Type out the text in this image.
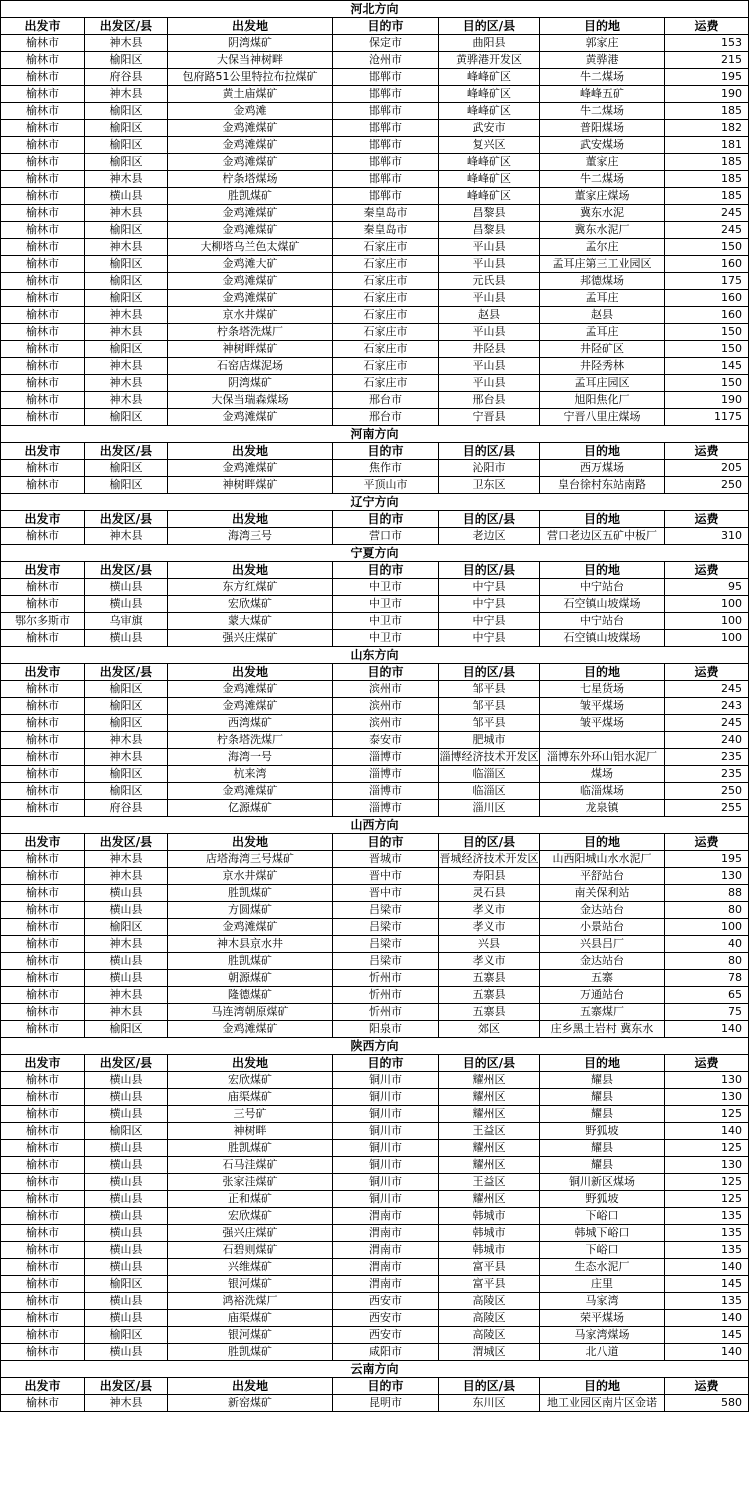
河北方向						
出发市	出发区/县	出发地	目的市	目的区/县	目的地	运费
榆林市	神木县	阴湾煤矿	保定市	曲阳县	郭家庄	153
榆林市	榆阳区	大保当神树畔	沧州市	黄骅港开发区	黄骅港	215
榆林市	府谷县	包府路51公里特拉布拉煤矿	邯郸市	峰峰矿区	牛二煤场	195
榆林市	神木县	黄土庙煤矿	邯郸市	峰峰矿区	峰峰五矿	190
榆林市	榆阳区	金鸡滩	邯郸市	峰峰矿区	牛二煤场	185
榆林市	榆阳区	金鸡滩煤矿	邯郸市	武安市	普阳煤场	182
榆林市	榆阳区	金鸡滩煤矿	邯郸市	复兴区	武安煤场	181
榆林市	榆阳区	金鸡滩煤矿	邯郸市	峰峰矿区	董家庄	185
榆林市	神木县	柠条塔煤场	邯郸市	峰峰矿区	牛二煤场	185
榆林市	横山县	胜凯煤矿	邯郸市	峰峰矿区	董家庄煤场	185
榆林市	神木县	金鸡滩煤矿	秦皇岛市	昌黎县	冀东水泥	245
榆林市	榆阳区	金鸡滩煤矿	秦皇岛市	昌黎县	冀东水泥厂	245
榆林市	神木县	大柳塔乌兰色太煤矿	石家庄市	平山县	孟尔庄	150
榆林市	榆阳区	金鸡滩大矿	石家庄市	平山县	孟耳庄第三工业园区	160
榆林市	榆阳区	金鸡滩煤矿	石家庄市	元氏县	邦德煤场	175
榆林市	榆阳区	金鸡滩煤矿	石家庄市	平山县	孟耳庄	160
榆林市	神木县	京水井煤矿	石家庄市	赵县	赵县	160
榆林市	神木县	柠条塔洗煤厂	石家庄市	平山县	孟耳庄	150
榆林市	榆阳区	神树畔煤矿	石家庄市	井陉县	井陉矿区	150
榆林市	神木县	石窑店煤泥场	石家庄市	平山县	井陉秀林	145
榆林市	神木县	阴湾煤矿	石家庄市	平山县	孟耳庄园区	150
榆林市	神木县	大保当瑞森煤场	邢台市	邢台县	旭阳焦化厂	190
榆林市	榆阳区	金鸡滩煤矿	邢台市	宁晋县	宁晋八里庄煤场	1175
河南方向						
出发市	出发区/县	出发地	目的市	目的区/县	目的地	运费
榆林市	榆阳区	金鸡滩煤矿	焦作市	沁阳市	西万煤场	205
榆林市	榆阳区	神树畔煤矿	平顶山市	卫东区	皇台徐村东站南路	250
辽宁方向						
出发市	出发区/县	出发地	目的市	目的区/县	目的地	运费
榆林市	神木县	海湾三号	营口市	老边区	营口老边区五矿中板厂	310
宁夏方向						
出发市	出发区/县	出发地	目的市	目的区/县	目的地	运费
榆林市	横山县	东方红煤矿	中卫市	中宁县	中宁站台	95
榆林市	横山县	宏欣煤矿	中卫市	中宁县	石空镇山坡煤场	100
鄂尔多斯市	乌审旗	蒙大煤矿	中卫市	中宁县	中宁站台	100
榆林市	横山县	强兴庄煤矿	中卫市	中宁县	石空镇山坡煤场	100
山东方向						
出发市	出发区/县	出发地	目的市	目的区/县	目的地	运费
榆林市	榆阳区	金鸡滩煤矿	滨州市	邹平县	七星货场	245
榆林市	榆阳区	金鸡滩煤矿	滨州市	邹平县	皱平煤场	243
榆林市	榆阳区	西湾煤矿	滨州市	邹平县	皱平煤场	245
榆林市	神木县	柠条塔洗煤厂	泰安市	肥城市		240
榆林市	神木县	海湾一号	淄博市	淄博经济技术开发区	淄博东外环山铝水泥厂	235
榆林市	榆阳区	杭来湾	淄博市	临淄区	煤场	235
榆林市	榆阳区	金鸡滩煤矿	淄博市	临淄区	临淄煤场	250
榆林市	府谷县	亿源煤矿	淄博市	淄川区	龙泉镇	255
山西方向						
出发市	出发区/县	出发地	目的市	目的区/县	目的地	运费
榆林市	神木县	店塔海湾三号煤矿	晋城市	晋城经济技术开发区	山西阳城山水水泥厂	195
榆林市	神木县	京水井煤矿	晋中市	寿阳县	平舒站台	130
榆林市	横山县	胜凯煤矿	晋中市	灵石县	南关保利站	88
榆林市	横山县	方圆煤矿	吕梁市	孝义市	金达站台	80
榆林市	榆阳区	金鸡滩煤矿	吕梁市	孝义市	小景站台	100
榆林市	神木县	神木县京水井	吕梁市	兴县	兴县吕厂	40
榆林市	横山县	胜凯煤矿	吕梁市	孝义市	金达站台	80
榆林市	横山县	朝源煤矿	忻州市	五寨县	五寨	78
榆林市	神木县	隆德煤矿	忻州市	五寨县	万通站台	65
榆林市	神木县	马连湾朝原煤矿	忻州市	五寨县	五寨煤厂	75
榆林市	榆阳区	金鸡滩煤矿	阳泉市	郊区	庄乡黑土岩村 冀东水	140
陕西方向						
出发市	出发区/县	出发地	目的市	目的区/县	目的地	运费
榆林市	横山县	宏欣煤矿	铜川市	耀州区	耀县	130
榆林市	横山县	庙渠煤矿	铜川市	耀州区	耀县	130
榆林市	横山县	三号矿	铜川市	耀州区	耀县	125
榆林市	榆阳区	神树畔	铜川市	王益区	野狐坡	140
榆林市	横山县	胜凯煤矿	铜川市	耀州区	耀县	125
榆林市	横山县	石马洼煤矿	铜川市	耀州区	耀县	130
榆林市	横山县	张家洼煤矿	铜川市	王益区	铜川新区煤场	125
榆林市	横山县	正和煤矿	铜川市	耀州区	野狐坡	125
榆林市	横山县	宏欣煤矿	渭南市	韩城市	下峪口	135
榆林市	横山县	强兴庄煤矿	渭南市	韩城市	韩城下峪口	135
榆林市	横山县	石碧则煤矿	渭南市	韩城市	下峪口	135
榆林市	横山县	兴维煤矿	渭南市	富平县	生态水泥厂	140
榆林市	榆阳区	银河煤矿	渭南市	富平县	庄里	145
榆林市	横山县	鸿裕洗煤厂	西安市	高陵区	马家湾	135
榆林市	横山县	庙渠煤矿	西安市	高陵区	荣平煤场	140
榆林市	榆阳区	银河煤矿	西安市	高陵区	马家湾煤场	145
榆林市	横山县	胜凯煤矿	咸阳市	渭城区	北八道	140
云南方向						
出发市	出发区/县	出发地	目的市	目的区/县	目的地	运费
榆林市	神木县	新窑煤矿	昆明市	东川区	地工业园区南片区金诺	580
